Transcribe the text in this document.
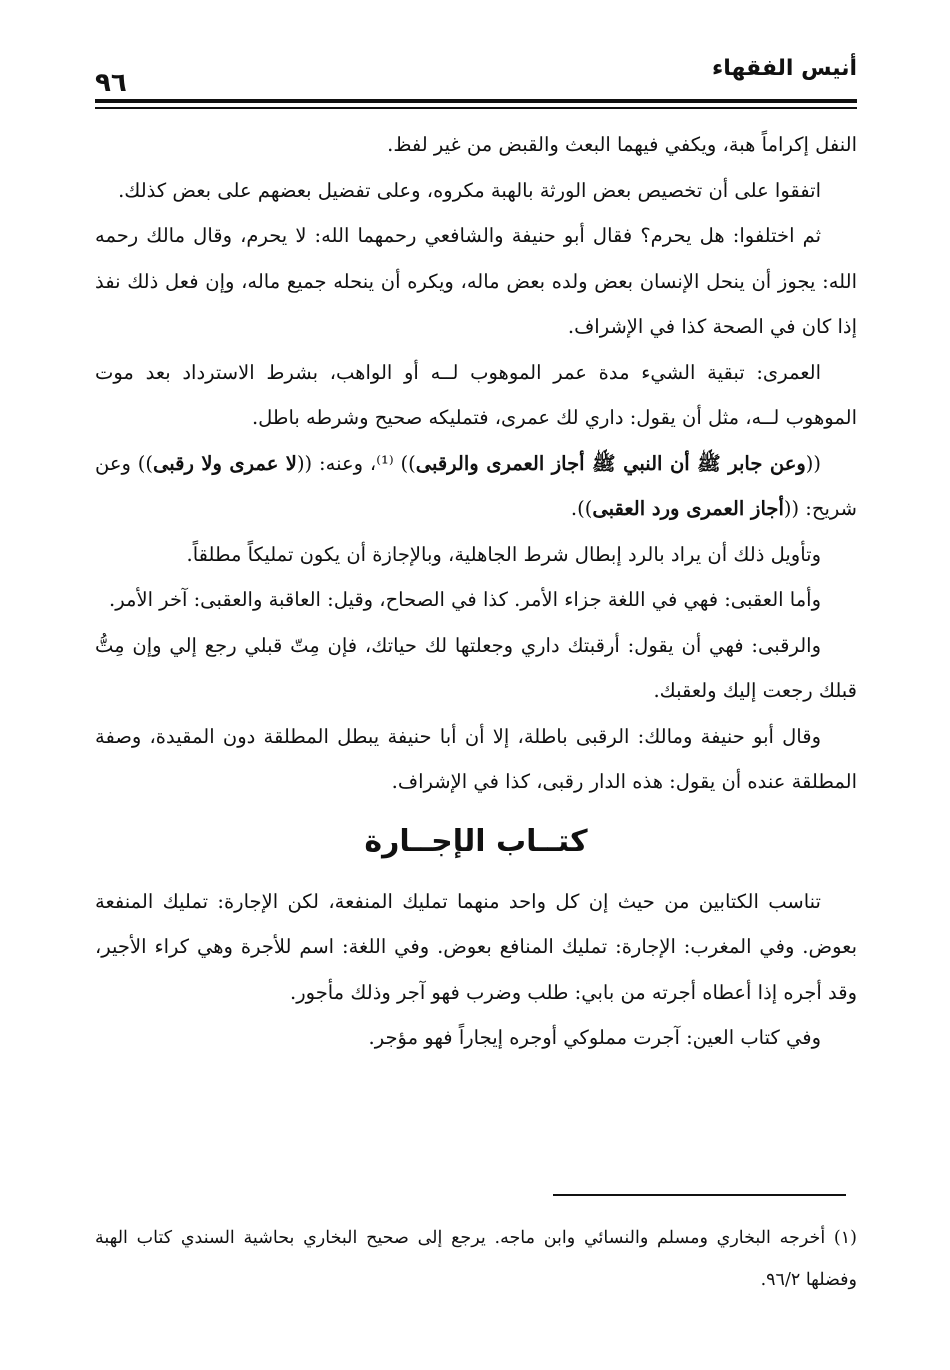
أنيس الفقهاء
٩٦

النفل إكراماً هبة، ويكفي فيهما البعث والقبض من غير لفظ.

اتفقوا على أن تخصيص بعض الورثة بالهبة مكروه، وعلى تفضيل بعضهم على بعض كذلك.

ثم اختلفوا: هل يحرم؟ فقال أبو حنيفة والشافعي رحمهما الله: لا يحرم، وقال مالك رحمه الله: يجوز أن ينحل الإنسان بعض ولده بعض ماله، ويكره أن ينحله جميع ماله، وإن فعل ذلك نفذ إذا كان في الصحة كذا في الإشراف.

العمرى: تبقية الشيء مدة عمر الموهوب لــه أو الواهب، بشرط الاسترداد بعد موت الموهوب لــه، مثل أن يقول: داري لك عمرى، فتمليكه صحيح وشرطه باطل.

((وعن جابر ﷺ أن النبي ﷺ أجاز العمرى والرقبى)) ⁽¹⁾، وعنه: ((لا عمرى ولا رقبى)) وعن شريح: ((أجاز العمرى ورد العقبى)).

وتأويل ذلك أن يراد بالرد إبطال شرط الجاهلية، وبالإجازة أن يكون تمليكاً مطلقاً.

وأما العقبى: فهي في اللغة جزاء الأمر. كذا في الصحاح، وقيل: العاقبة والعقبى: آخر الأمر.

والرقبى: فهي أن يقول: أرقبتك داري وجعلتها لك حياتك، فإن مِتّ قبلي رجع إلي وإن مِتُّ قبلك رجعت إليك ولعقبك.

وقال أبو حنيفة ومالك: الرقبى باطلة، إلا أن أبا حنيفة يبطل المطلقة دون المقيدة، وصفة المطلقة عنده أن يقول: هذه الدار رقبى، كذا في الإشراف.

كتــاب الإجــارة

تناسب الكتابين من حيث إن كل واحد منهما تمليك المنفعة، لكن الإجارة: تمليك المنفعة بعوض. وفي المغرب: الإجارة: تمليك المنافع بعوض. وفي اللغة: اسم للأجرة وهي كراء الأجير، وقد أجره إذا أعطاه أجرته من بابي: طلب وضرب فهو آجر وذلك مأجور.

وفي كتاب العين: آجرت مملوكي أوجره إيجاراً فهو مؤجر.

(١) أخرجه البخاري ومسلم والنسائي وابن ماجه. يرجع إلى صحيح البخاري بحاشية السندي كتاب الهبة وفضلها ٩٦/٢.
